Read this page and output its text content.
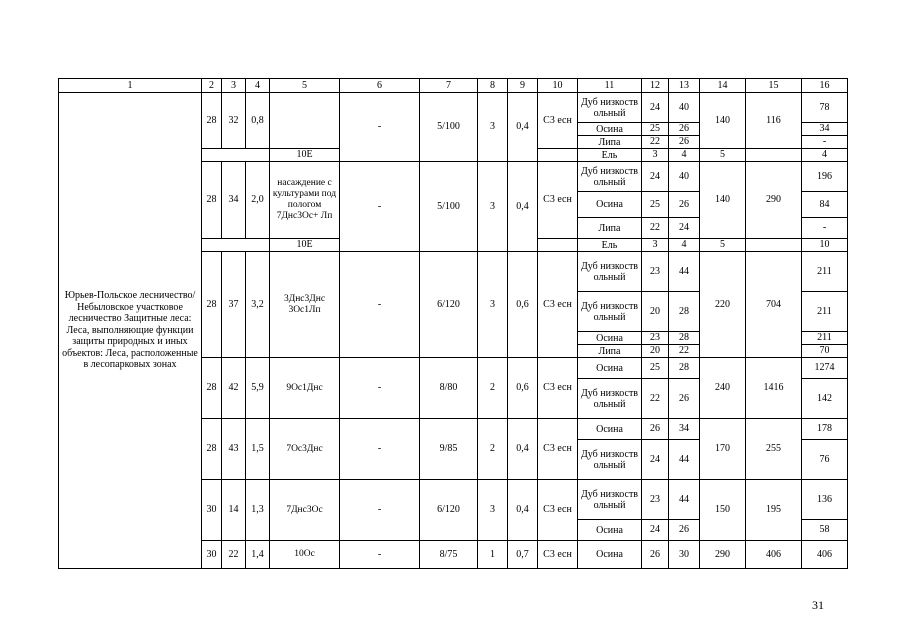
1	2	3	4	5	6	7	8	9	10	11	12	13	14	15	16
Юрьев-Польское лесничество/ Небыловское участковое лесничество Защитные леса: Леса, выполняющие функции защиты природных и иных объектов: Леса, расположенные в лесопарковых зонах	28	32	0,8		-	5/100	3	0,4	С3 есн	Дуб низкоств ольный	24	40	140	116	78
										Осина	25	26			34
										Липа	22	26			-
				10Е						Ель	3	4	5		4
	28	34	2,0	насаждение с культурами под пологом 7Днс3Ос+ Лп	-	5/100	3	0,4	С3 есн	Дуб низкоств ольный	24	40	140	290	196
										Осина	25	26			84
										Липа	22	24			-
				10Е						Ель	3	4	5		10
	28	37	3,2	3Днс3Днс 3Ос1Лп	-	6/120	3	0,6	С3 есн	Дуб низкоств ольный	23	44	220	704	211
										Дуб низкоств ольный	20	28			211
										Осина	23	28			211
										Липа	20	22			70
	28	42	5,9	9Ос1Днс	-	8/80	2	0,6	С3 есн	Осина	25	28	240	1416	1274
										Дуб низкоств ольный	22	26			142
	28	43	1,5	7Ос3Днс	-	9/85	2	0,4	С3 есн	Осина	26	34	170	255	178
										Дуб низкоств ольный	24	44			76
	30	14	1,3	7Днс3Ос	-	6/120	3	0,4	С3 есн	Дуб низкоств ольный	23	44	150	195	136
										Осина	24	26			58
	30	22	1,4	10Ос	-	8/75	1	0,7	С3 есн	Осина	26	30	290	406	406
31
